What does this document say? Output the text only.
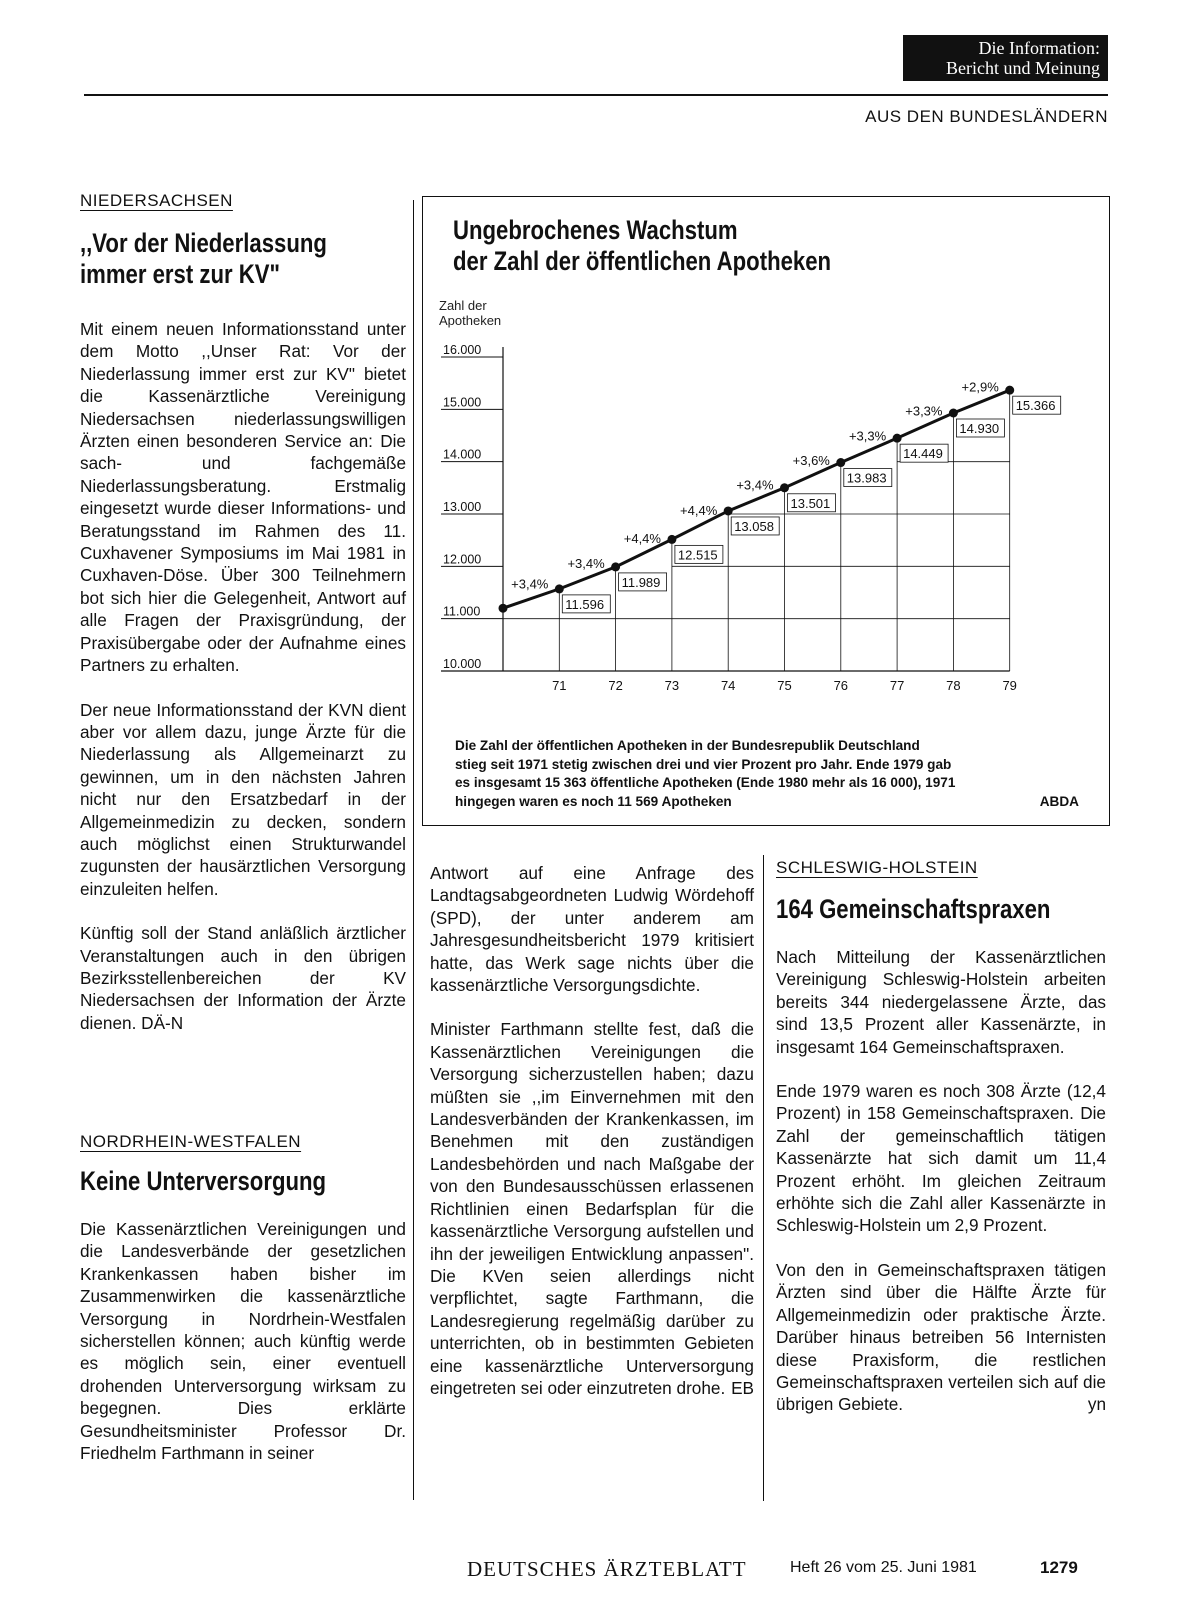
Die Information:
Bericht und Meinung
AUS DEN BUNDESLÄNDERN
NIEDERSACHSEN
,,Vor der Niederlassung
immer erst zur KV"

Mit einem neuen Informationsstand unter dem Motto ,,Unser Rat: Vor der Niederlassung immer erst zur KV" bietet die Kassenärztliche Vereinigung Niedersachsen niederlassungswilligen Ärzten einen besonderen Service an: Die sach- und fachgemäße Niederlassungsberatung. Erstmalig eingesetzt wurde dieser Informations- und Beratungsstand im Rahmen des 11. Cuxhavener Symposiums im Mai 1981 in Cuxhaven-Döse. Über 300 Teilnehmern bot sich hier die Gelegenheit, Antwort auf alle Fragen der Praxisgründung, der Praxisübergabe oder der Aufnahme eines Partners zu erhalten.

Der neue Informationsstand der KVN dient aber vor allem dazu, junge Ärzte für die Niederlassung als Allgemeinarzt zu gewinnen, um in den nächsten Jahren nicht nur den Ersatzbedarf in der Allgemeinmedizin zu decken, sondern auch möglichst einen Strukturwandel zugunsten der hausärztlichen Versorgung einzuleiten helfen.

Künftig soll der Stand anläßlich ärztlicher Veranstaltungen auch in den übrigen Bezirksstellenbereichen der KV Niedersachsen der Information der Ärzte dienen. DÄ-N

NORDRHEIN-WESTFALEN
Keine Unterversorgung

Die Kassenärztlichen Vereinigungen und die Landesverbände der gesetzlichen Krankenkassen haben bisher im Zusammenwirken die kassenärztliche Versorgung in Nordrhein-Westfalen sicherstellen können; auch künftig werde es möglich sein, einer eventuell drohenden Unterversorgung wirksam zu begegnen. Dies erklärte Gesundheitsminister Professor Dr. Friedhelm Farthmann in seiner

Ungebrochenes Wachstum
der Zahl der öffentlichen Apotheken
Zahl der
Apotheken
16.000
15.000
14.000
13.000
12.000
11.000
10.000
71	72	73	74	75	76	77	78	79
11.596
+3,4%	11.989
+3,4%
12.515
+4,4%
13.058
+4,4%	13.501
+3,4%	13.983
+3,6%	14.449
+3,3%	14.930
+3,3%	15.366
+2,9%
Die Zahl der öffentlichen Apotheken in der Bundesrepublik Deutschland
stieg seit 1971 stetig zwischen drei und vier Prozent pro Jahr. Ende 1979 gab
es insgesamt 15 363 öffentliche Apotheken (Ende 1980 mehr als 16 000), 1971
hingegen waren es noch 11 569 Apotheken	ABDA

Antwort auf eine Anfrage des Landtagsabgeordneten Ludwig Wördehoff (SPD), der unter anderem am Jahresgesundheitsbericht 1979 kritisiert hatte, das Werk sage nichts über die kassenärztliche Versorgungsdichte.

Minister Farthmann stellte fest, daß die Kassenärztlichen Vereinigungen die Versorgung sicherzustellen haben; dazu müßten sie ,,im Einvernehmen mit den Landesverbänden der Krankenkassen, im Benehmen mit den zuständigen Landesbehörden und nach Maßgabe der von den Bundesausschüssen erlassenen Richtlinien einen Bedarfsplan für die kassenärztliche Versorgung aufstellen und ihn der jeweiligen Entwicklung anpassen". Die KVen seien allerdings nicht verpflichtet, sagte Farthmann, die Landesregierung regelmäßig darüber zu unterrichten, ob in bestimmten Gebieten eine kassenärztliche Unterversorgung eingetreten sei oder einzutreten drohe. EB

SCHLESWIG-HOLSTEIN
164 Gemeinschaftspraxen

Nach Mitteilung der Kassenärztlichen Vereinigung Schleswig-Holstein arbeiten bereits 344 niedergelassene Ärzte, das sind 13,5 Prozent aller Kassenärzte, in insgesamt 164 Gemeinschaftspraxen.

Ende 1979 waren es noch 308 Ärzte (12,4 Prozent) in 158 Gemeinschaftspraxen. Die Zahl der gemeinschaftlich tätigen Kassenärzte hat sich damit um 11,4 Prozent erhöht. Im gleichen Zeitraum erhöhte sich die Zahl aller Kassenärzte in Schleswig-Holstein um 2,9 Prozent.

Von den in Gemeinschaftspraxen tätigen Ärzten sind über die Hälfte Ärzte für Allgemeinmedizin oder praktische Ärzte. Darüber hinaus betreiben 56 Internisten diese Praxisform, die restlichen Gemeinschaftspraxen verteilen sich auf die übrigen Gebiete.	yn

DEUTSCHES ÄRZTEBLATT	Heft 26 vom 25. Juni 1981	1279
